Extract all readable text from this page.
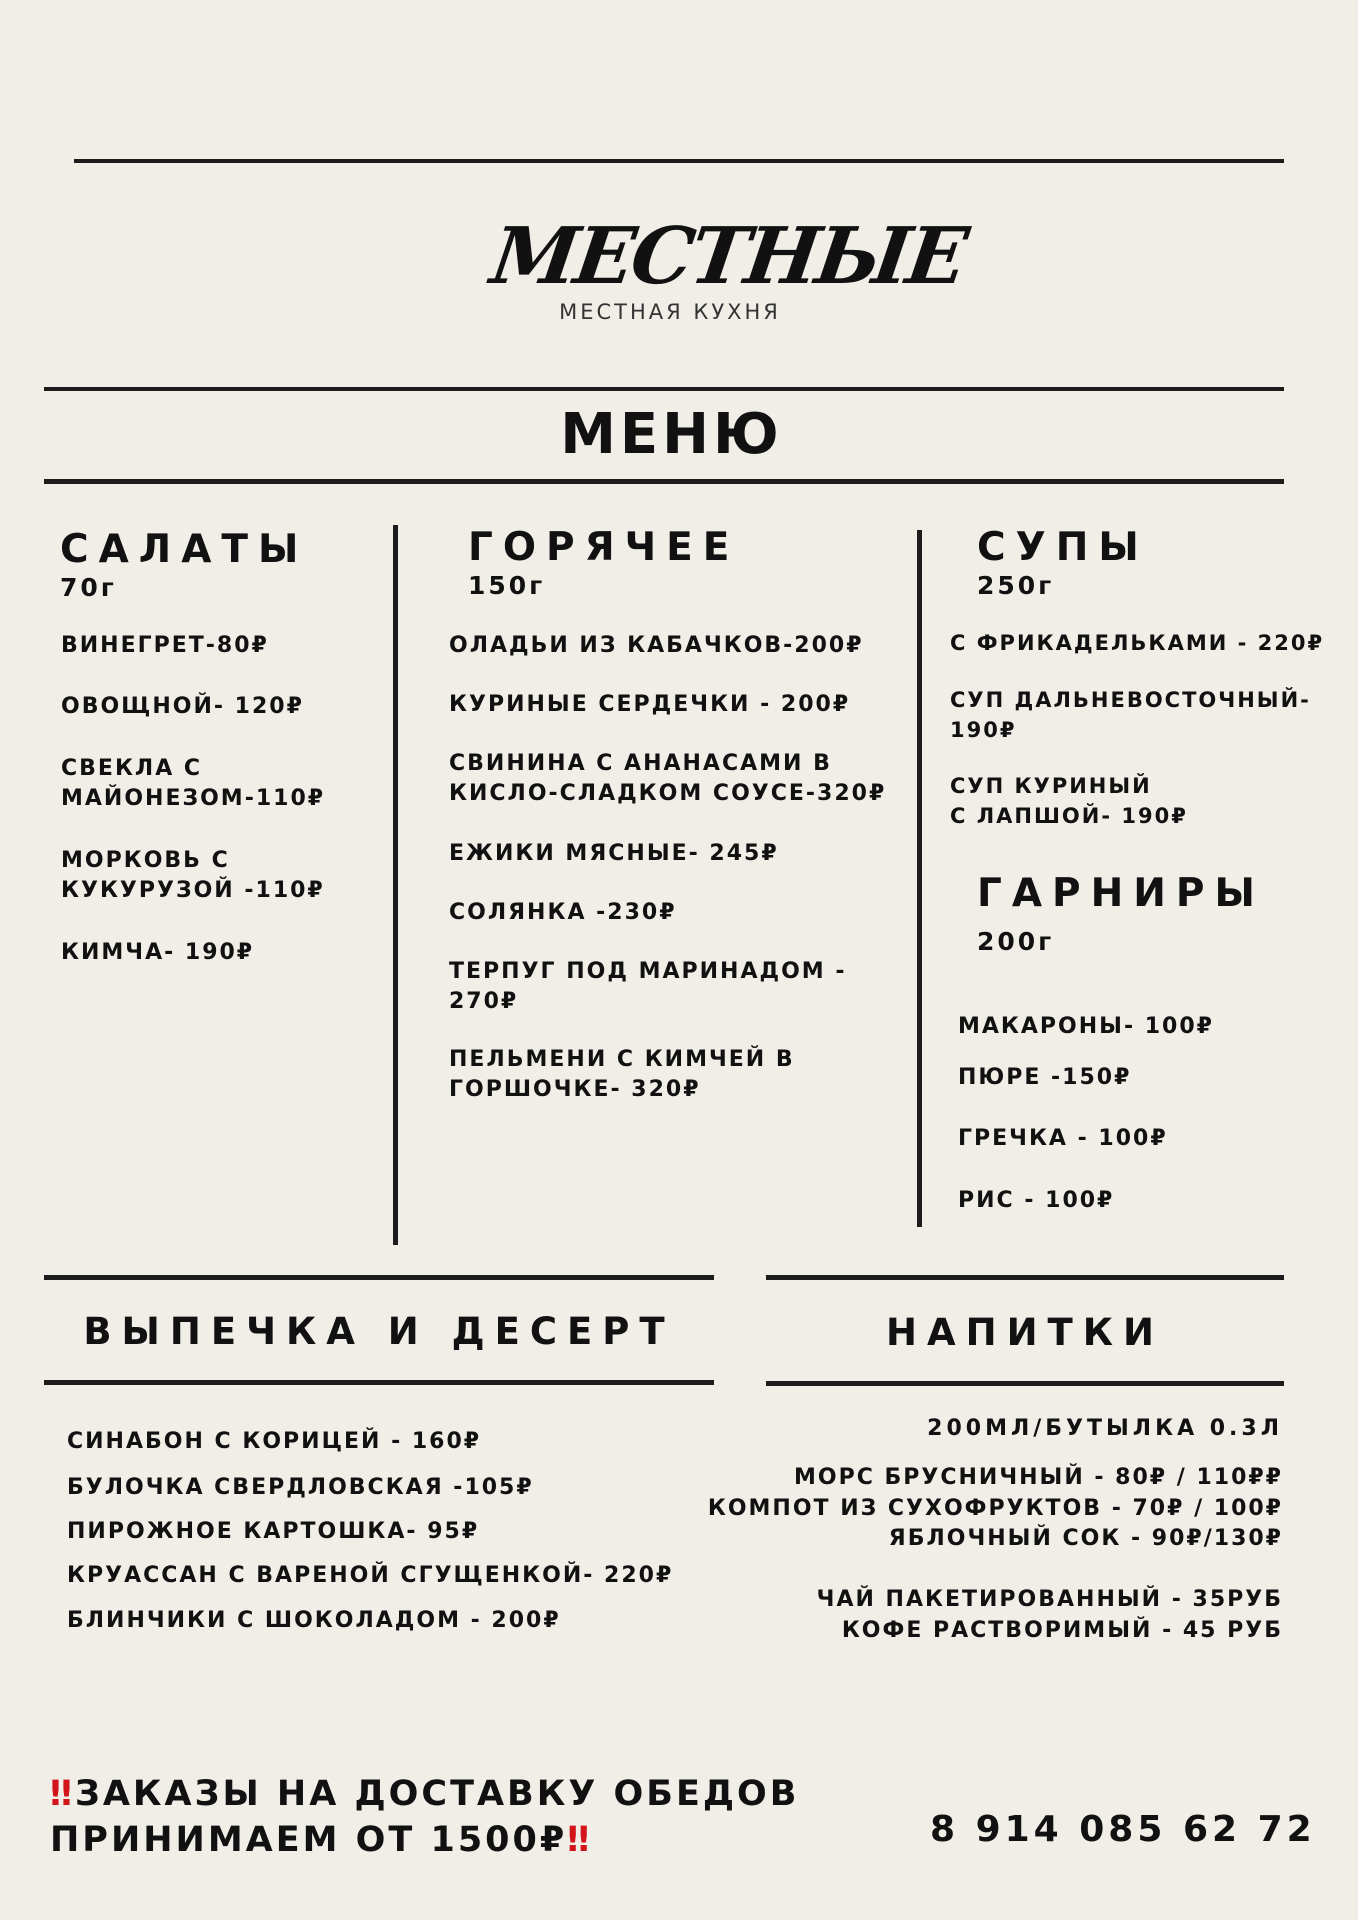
МЕСТНЫЕ
МЕСТНАЯ КУХНЯ
МЕНЮ
САЛАТЫ
70г
ВИНЕГРЕТ-80₽
ОВОЩНОЙ- 120₽
СВЕКЛА С
МАЙОНЕЗОМ-110₽
МОРКОВЬ С
КУКУРУЗОЙ -110₽
КИМЧА- 190₽
ГОРЯЧЕЕ
150г
ОЛАДЬИ ИЗ КАБАЧКОВ-200₽
КУРИНЫЕ СЕРДЕЧКИ - 200₽
СВИНИНА С АНАНАСАМИ В
КИСЛО-СЛАДКОМ СОУСЕ-320₽
ЕЖИКИ МЯСНЫЕ- 245₽
СОЛЯНКА -230₽
ТЕРПУГ ПОД МАРИНАДОМ -
270₽
ПЕЛЬМЕНИ С КИМЧЕЙ В
ГОРШОЧКЕ- 320₽
СУПЫ
250г
С ФРИКАДЕЛЬКАМИ - 220₽
СУП ДАЛЬНЕВОСТОЧНЫЙ-
190₽
СУП КУРИНЫЙ
С ЛАПШОЙ- 190₽
ГАРНИРЫ
200г
МАКАРОНЫ- 100₽
ПЮРЕ -150₽
ГРЕЧКА - 100₽
РИС - 100₽
ВЫПЕЧКА И ДЕСЕРТ
СИНАБОН С КОРИЦЕЙ - 160₽
БУЛОЧКА СВЕРДЛОВСКАЯ -105₽
ПИРОЖНОЕ КАРТОШКА- 95₽
КРУАССАН С ВАРЕНОЙ СГУЩЕНКОЙ- 220₽
БЛИНЧИКИ С ШОКОЛАДОМ - 200₽
НАПИТКИ
200МЛ/БУТЫЛКА 0.3Л
МОРС БРУСНИЧНЫЙ - 80₽ / 110₽₽
КОМПОТ ИЗ СУХОФРУКТОВ - 70₽ / 100₽
ЯБЛОЧНЫЙ СОК - 90₽/130₽
ЧАЙ ПАКЕТИРОВАННЫЙ - 35РУБ
КОФЕ РАСТВОРИМЫЙ - 45 РУБ
‼ЗАКАЗЫ НА ДОСТАВКУ ОБЕДОВ
ПРИНИМАЕМ ОТ 1500₽‼	8 914 085 62 72
